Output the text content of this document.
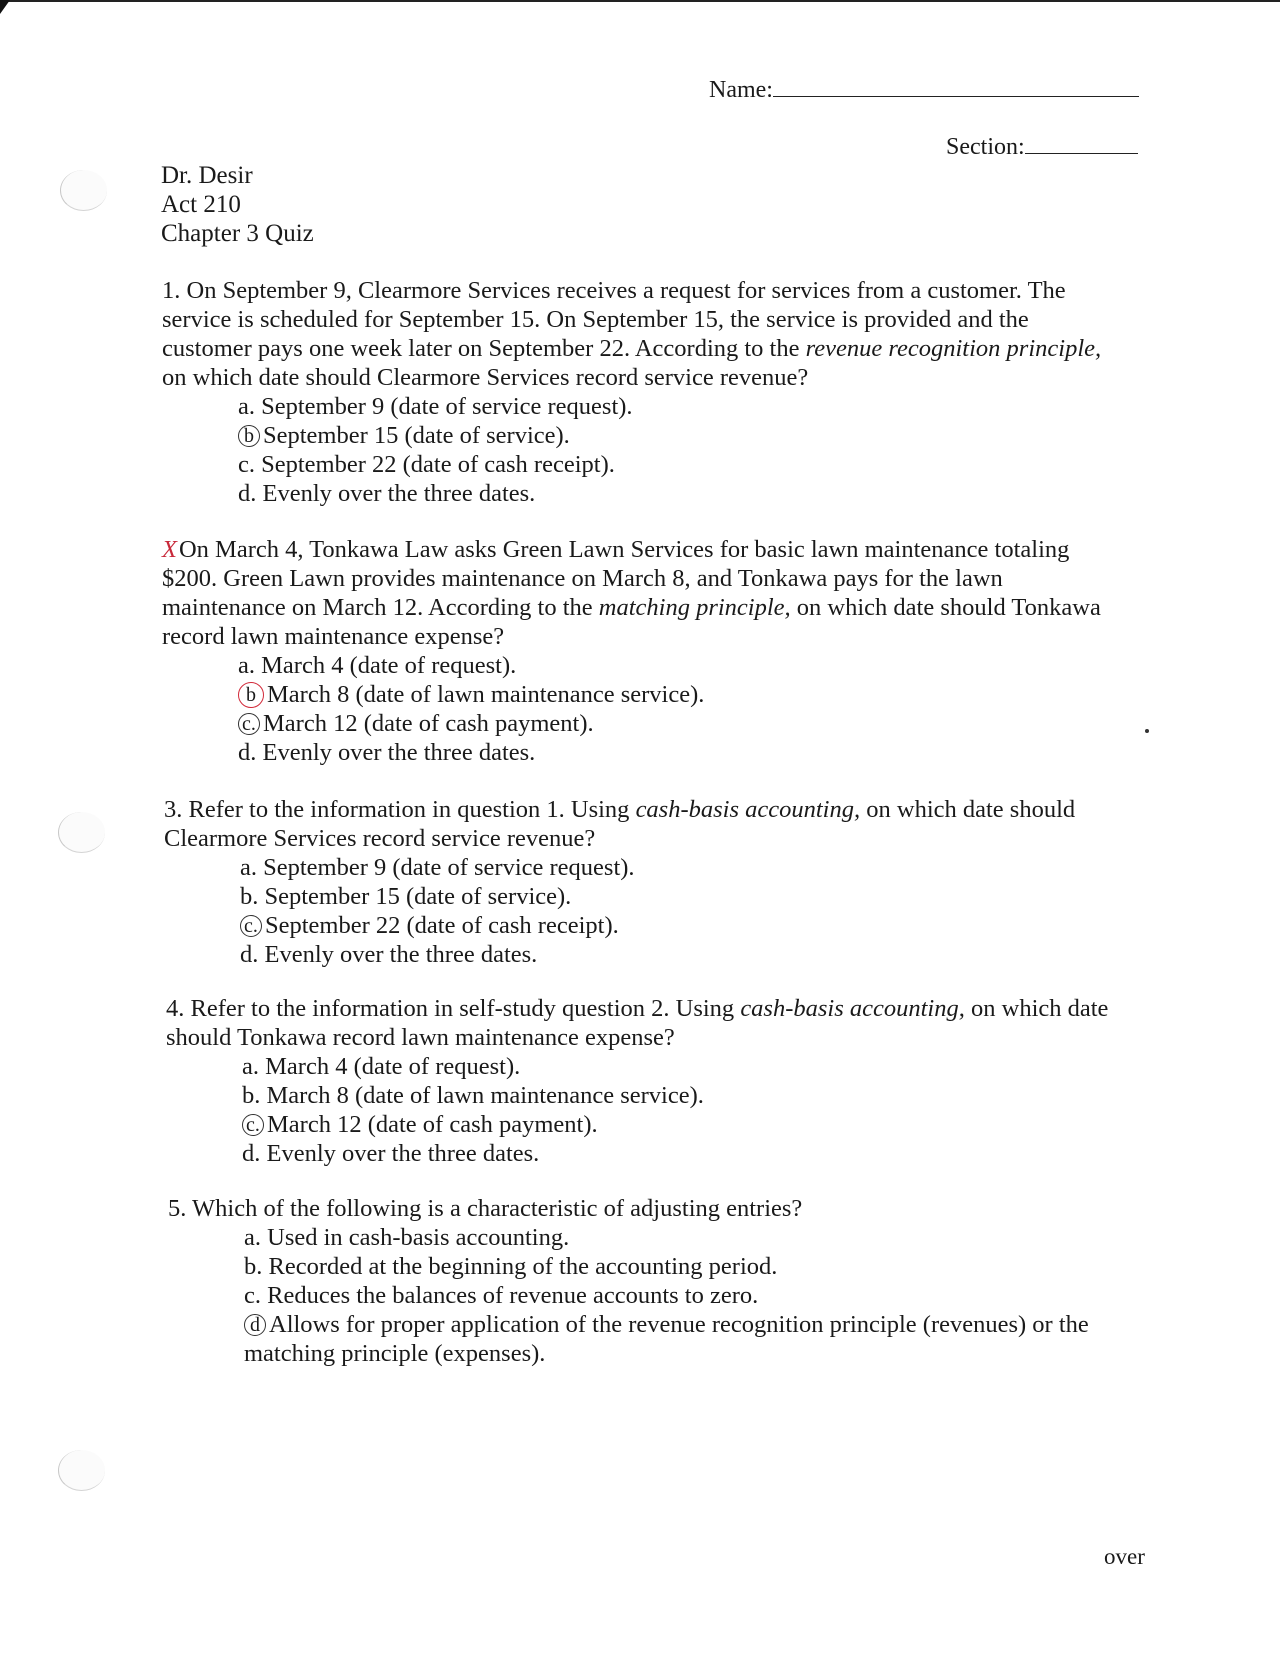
Name:
Section:
Dr. Desir
Act 210
Chapter 3 Quiz

1. On September 9, Clearmore Services receives a request for services from a customer. The
service is scheduled for September 15. On September 15, the service is provided and the
customer pays one week later on September 22. According to the revenue recognition principle,
on which date should Clearmore Services record service revenue?

a. September 9 (date of service request).
b September 15 (date of service).
c. September 22 (date of cash receipt).
d. Evenly over the three dates.

XOn March 4, Tonkawa Law asks Green Lawn Services for basic lawn maintenance totaling
$200. Green Lawn provides maintenance on March 8, and Tonkawa pays for the lawn
maintenance on March 12. According to the matching principle, on which date should Tonkawa
record lawn maintenance expense?

a. March 4 (date of request).
b March 8 (date of lawn maintenance service).
c. March 12 (date of cash payment).
d. Evenly over the three dates.

3. Refer to the information in question 1. Using cash-basis accounting, on which date should
Clearmore Services record service revenue?

a. September 9 (date of service request).
b. September 15 (date of service).
c. September 22 (date of cash receipt).
d. Evenly over the three dates.

4. Refer to the information in self-study question 2. Using cash-basis accounting, on which date
should Tonkawa record lawn maintenance expense?

a. March 4 (date of request).
b. March 8 (date of lawn maintenance service).
c. March 12 (date of cash payment).
d. Evenly over the three dates.

5. Which of the following is a characteristic of adjusting entries?

a. Used in cash-basis accounting.
b. Recorded at the beginning of the accounting period.
c. Reduces the balances of revenue accounts to zero.
d Allows for proper application of the revenue recognition principle (revenues) or the
matching principle (expenses).
over
